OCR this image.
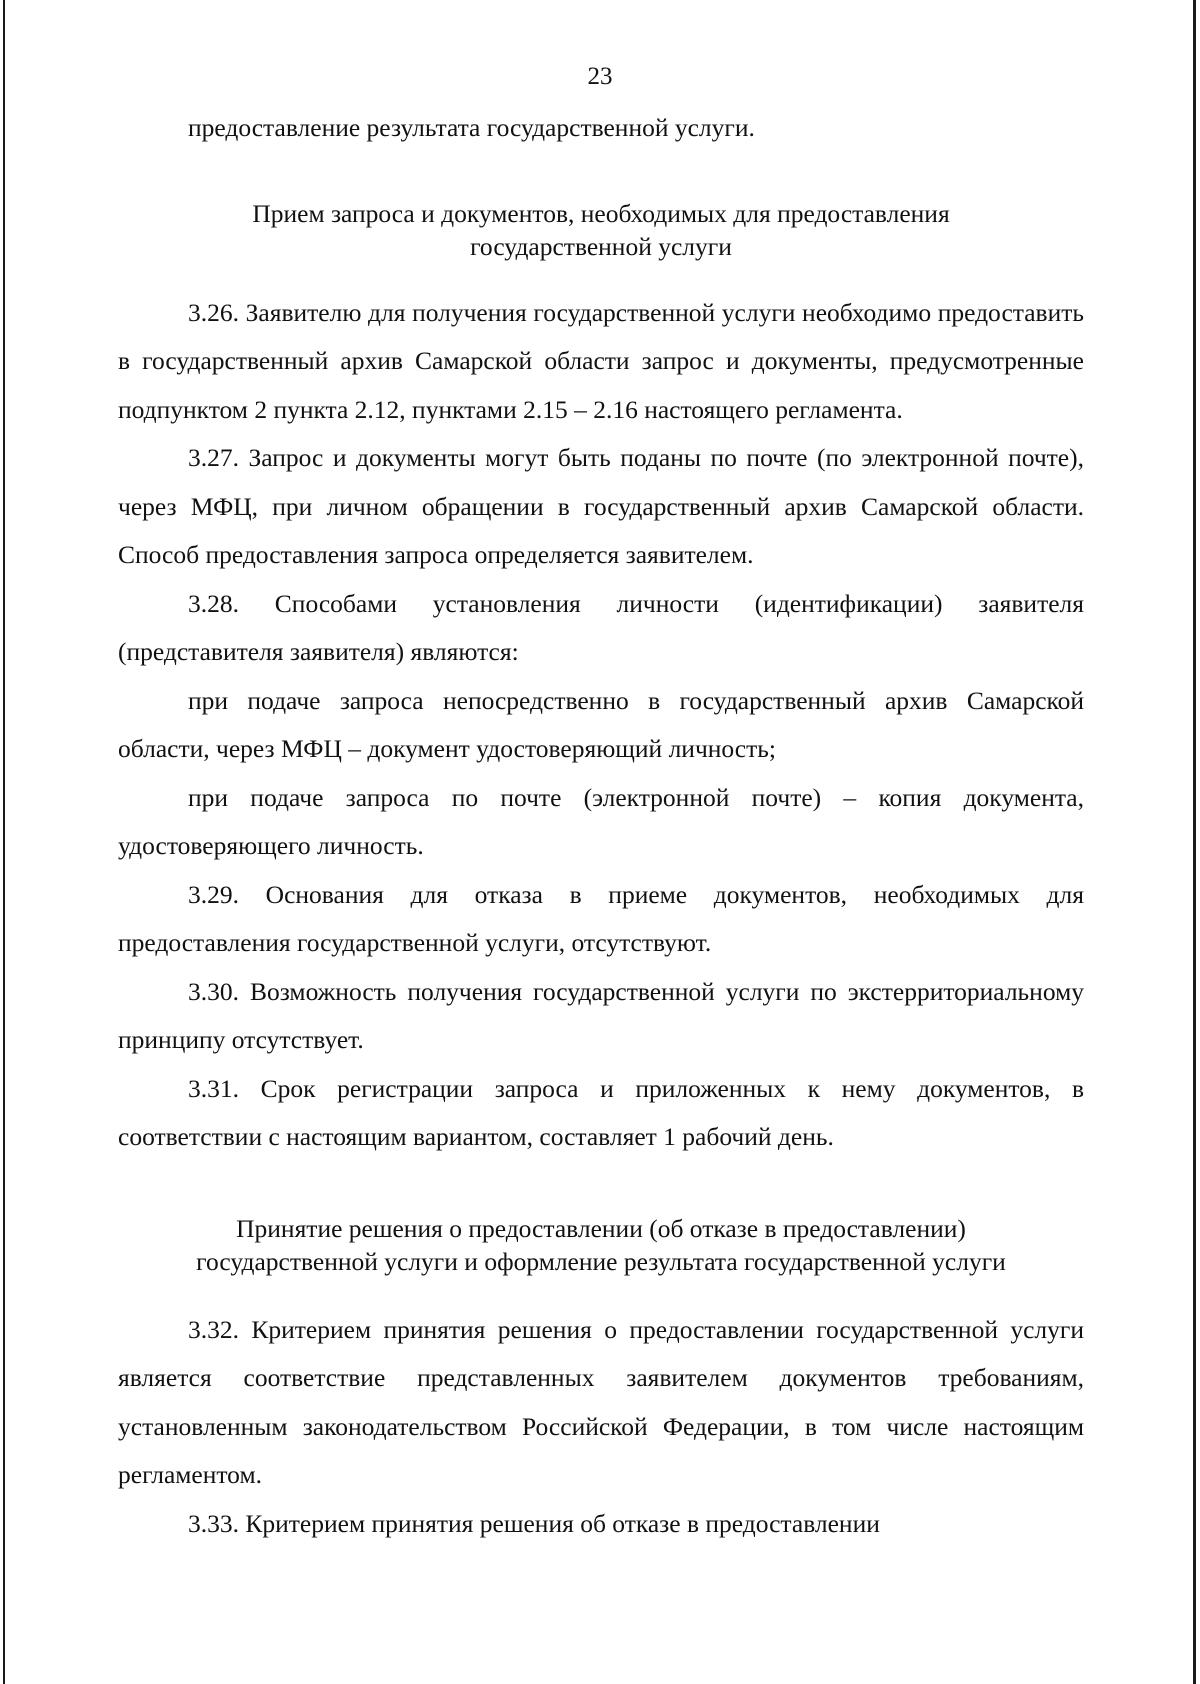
23

предоставление результата государственной услуги.

Прием запроса и документов, необходимых для предоставления

государственной услуги

3.26. Заявителю для получения государственной услуги необходимо предоставить в государственный архив Самарской области запрос и документы, предусмотренные подпунктом 2 пункта 2.12, пунктами 2.15 – 2.16 настоящего регламента.

3.27. Запрос и документы могут быть поданы по почте (по электронной почте), через МФЦ, при личном обращении в государственный архив Самарской области. Способ предоставления запроса определяется заявителем.

3.28. Способами установления личности (идентификации) заявителя (представителя заявителя) являются:

при подаче запроса непосредственно в государственный архив Самарской области, через МФЦ – документ удостоверяющий личность;

при подаче запроса по почте (электронной почте) – копия документа, удостоверяющего личность.

3.29. Основания для отказа в приеме документов, необходимых для предоставления государственной услуги, отсутствуют.

3.30. Возможность получения государственной услуги по экстерриториальному принципу отсутствует.

3.31. Срок регистрации запроса и приложенных к нему документов, в соответствии с настоящим вариантом, составляет 1 рабочий день.

Принятие решения о предоставлении (об отказе в предоставлении)

государственной услуги и оформление результата государственной услуги

3.32. Критерием принятия решения о предоставлении государственной услуги является соответствие представленных заявителем документов требованиям, установленным законодательством Российской Федерации, в том числе настоящим регламентом.

3.33. Критерием принятия решения об отказе в предоставлении
